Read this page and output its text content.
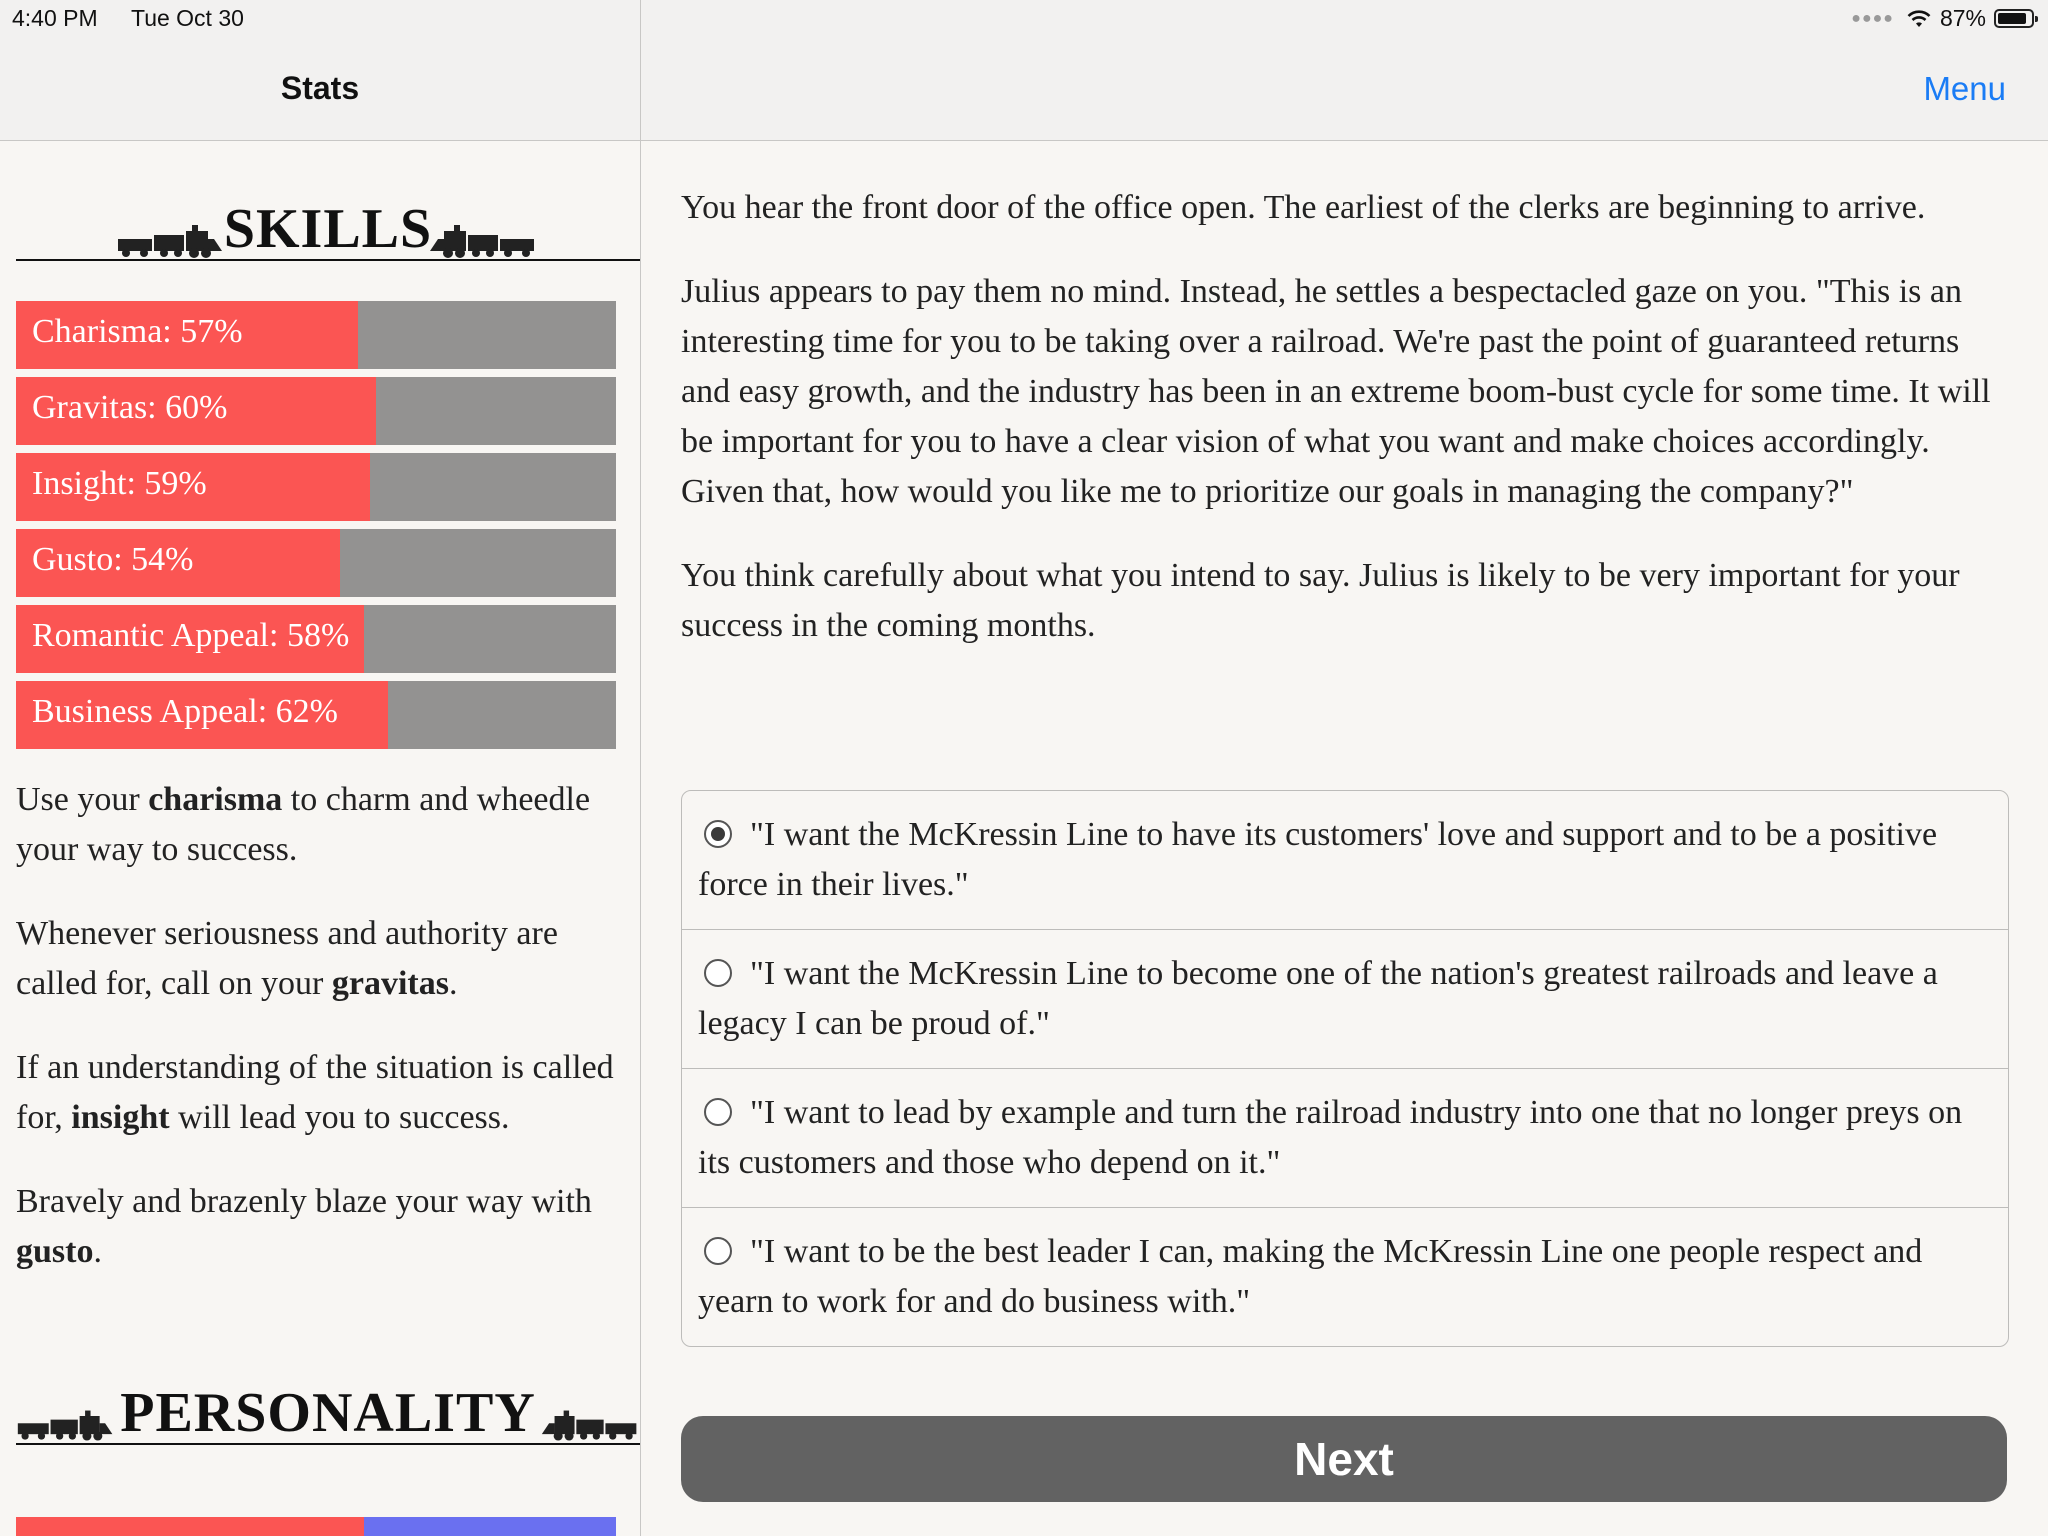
Stats	Menu
4:40 PM Tue Oct 30	●●●● 87%
SKILLS
Charisma: 57%
Gravitas: 60%
Insight: 59%
Gusto: 54%
Romantic Appeal: 58%
Business Appeal: 62%

Use your charisma to charm and wheedle your way to success.

Whenever seriousness and authority are called for, call on your gravitas.

If an understanding of the situation is called for, insight will lead you to success.

Bravely and brazenly blaze your way with gusto.

PERSONALITY

You hear the front door of the office open. The earliest of the clerks are beginning to arrive.

Julius appears to pay them no mind. Instead, he settles a bespectacled gaze on you. "This is an interesting time for you to be taking over a railroad. We're past the point of guaranteed returns and easy growth, and the industry has been in an extreme boom-bust cycle for some time. It will be important for you to have a clear vision of what you want and make choices accordingly. Given that, how would you like me to prioritize our goals in managing the company?"

You think carefully about what you intend to say. Julius is likely to be very important for your success in the coming months.

"I want the McKressin Line to have its customers' love and support and to be a positive force in their lives."
"I want the McKressin Line to become one of the nation's greatest railroads and leave a legacy I can be proud of."
"I want to lead by example and turn the railroad industry into one that no longer preys on its customers and those who depend on it."
"I want to be the best leader I can, making the McKressin Line one people respect and yearn to work for and do business with."
Next
